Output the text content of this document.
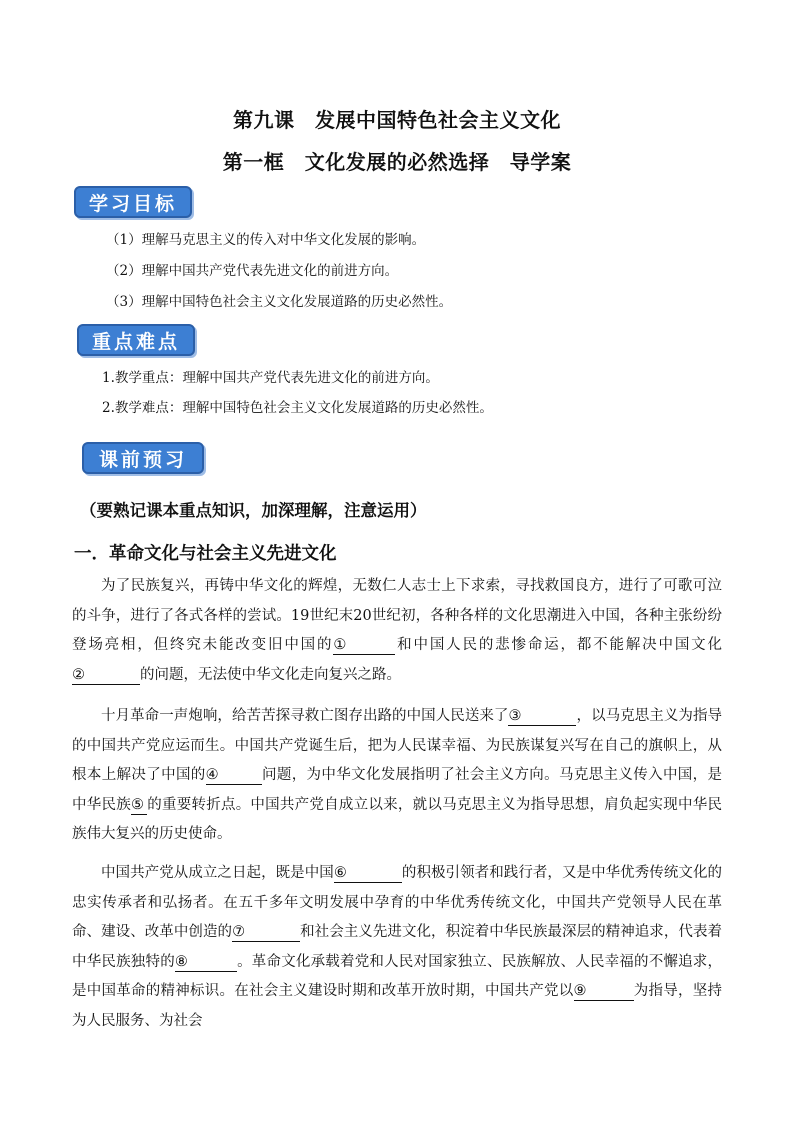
第九课　发展中国特色社会主义文化
第一框　文化发展的必然选择　导学案
学习目标
（1）理解马克思主义的传入对中华文化发展的影响。
（2）理解中国共产党代表先进文化的前进方向。
（3）理解中国特色社会主义文化发展道路的历史必然性。
重点难点
1.教学重点：理解中国共产党代表先进文化的前进方向。
2.教学难点：理解中国特色社会主义文化发展道路的历史必然性。
课前预习
（要熟记课本重点知识，加深理解，注意运用）
一．革命文化与社会主义先进文化
为了民族复兴，再铸中华文化的辉煌，无数仁人志士上下求索，寻找救国良方，进行了可歌可泣的斗争，进行了各式各样的尝试。19世纪末20世纪初，各种各样的文化思潮进入中国，各种主张纷纷登场亮相，但终究未能改变旧中国的①	和中国人民的悲惨命运，都不能解决中国文化②	的问题，无法使中华文化走向复兴之路。
十月革命一声炮响，给苦苦探寻救亡图存出路的中国人民送来了③	，以马克思主义为指导的中国共产党应运而生。中国共产党诞生后，把为人民谋幸福、为民族谋复兴写在自己的旗帜上，从根本上解决了中国的④	问题，为中华文化发展指明了社会主义方向。马克思主义传入中国，是中华民族⑤ 的重要转折点。中国共产党自成立以来，就以马克思主义为指导思想，肩负起实现中华民族伟大复兴的历史使命。
中国共产党从成立之日起，既是中国⑥	的积极引领者和践行者，又是中华优秀传统文化的忠实传承者和弘扬者。在五千多年文明发展中孕育的中华优秀传统文化，中国共产党领导人民在革命、建设、改革中创造的⑦	和社会主义先进文化，积淀着中华民族最深层的精神追求，代表着中华民族独特的⑧	。革命文化承载着党和人民对国家独立、民族解放、人民幸福的不懈追求，是中国革命的精神标识。在社会主义建设时期和改革开放时期，中国共产党以⑨	为指导，坚持为人民服务、为社会
